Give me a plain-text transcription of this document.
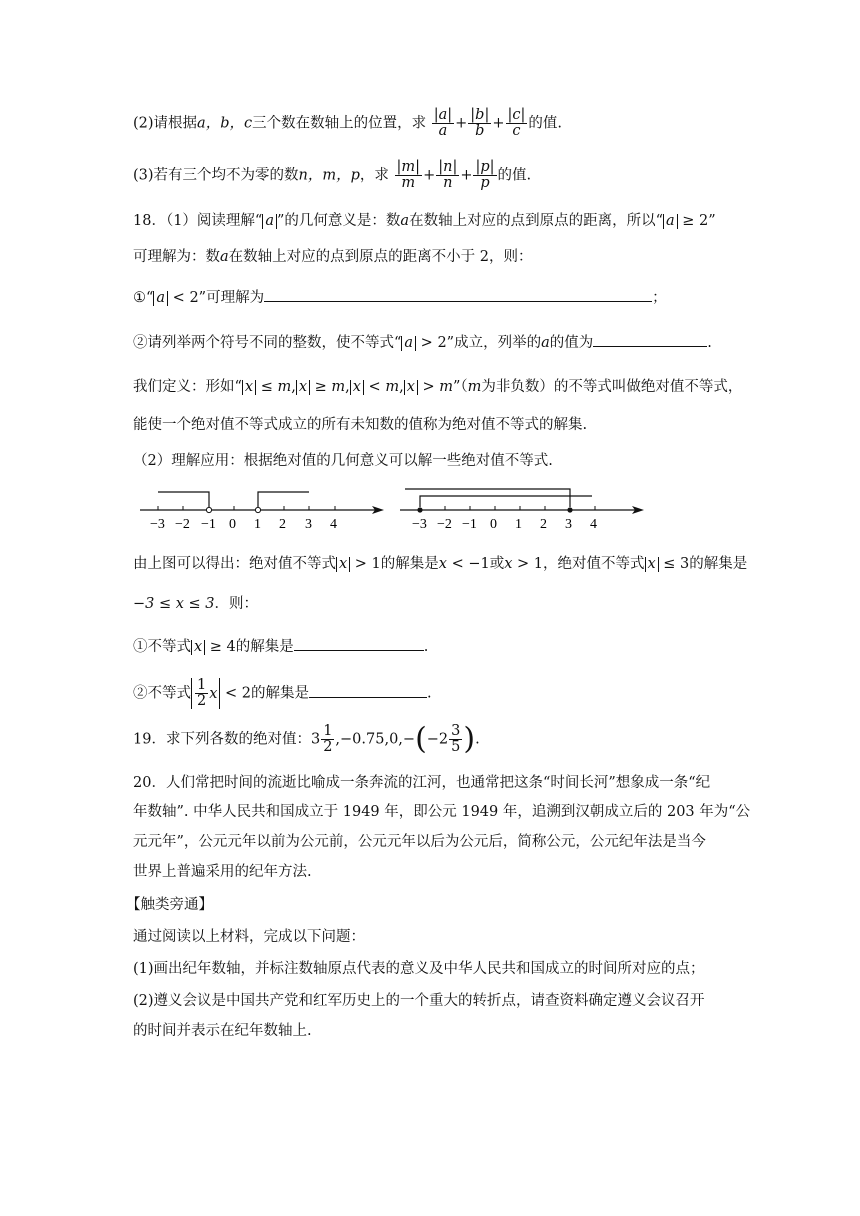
(2)请根据a，b，c三个数在数轴上的位置，求 $\frac{|a|}{a} + \frac{|b|}{b} + \frac{|c|}{c}$ 的值.
(3)若有三个均不为零的数n，m，p，求 $\frac{|m|}{m} + \frac{|n|}{n} + \frac{|p|}{p}$ 的值.
18．（1）阅读理解“ a ”的几何意义是：数a在数轴上对应的点到原点的距离，所以“ a ≥ 2”
可理解为：数a在数轴上对应的点到原点的距离不小于 2，则：
①“ a < 2”可理解为	；
②请列举两个符号不同的整数，使不等式“ a > 2”成立，列举的a的值为	.
我们定义：形如“ x ≤ m, x ≥ m, x < m, x > m”（m为非负数）的不等式叫做绝对值不等式，
能使一个绝对值不等式成立的所有未知数的值称为绝对值不等式的解集.
（2）理解应用：根据绝对值的几何意义可以解一些绝对值不等式.
−3 −2 −1 0 1 2 3 4	−3 −2 −1 0 1 2 3 4
由上图可以得出：绝对值不等式 x > 1的解集是x < −1或x > 1，绝对值不等式 x ≤ 3的解集是
−3 ≤ x ≤ 3．则：
①不等式 x ≥ 4的解集是	.
②不等式 $\frac{1}{2}$ x < 2的解集是	.
19．求下列各数的绝对值：$3 \frac{1}{2} ,-0.75,0,-(-2 \frac{3}{5}$ ).
20．人们常把时间的流逝比喻成一条奔流的江河，也通常把这条“时间长河”想象成一条“纪
年数轴”. 中华人民共和国成立于 1949 年，即公元 1949 年，追溯到汉朝成立后的 203 年为“公
元元年”，公元元年以前为公元前，公元元年以后为公元后，简称公元，公元纪年法是当今
世界上普遍采用的纪年方法.
【触类旁通】
通过阅读以上材料，完成以下问题：
(1)画出纪年数轴，并标注数轴原点代表的意义及中华人民共和国成立的时间所对应的点；
(2)遵义会议是中国共产党和红军历史上的一个重大的转折点，请查资料确定遵义会议召开
的时间并表示在纪年数轴上.
